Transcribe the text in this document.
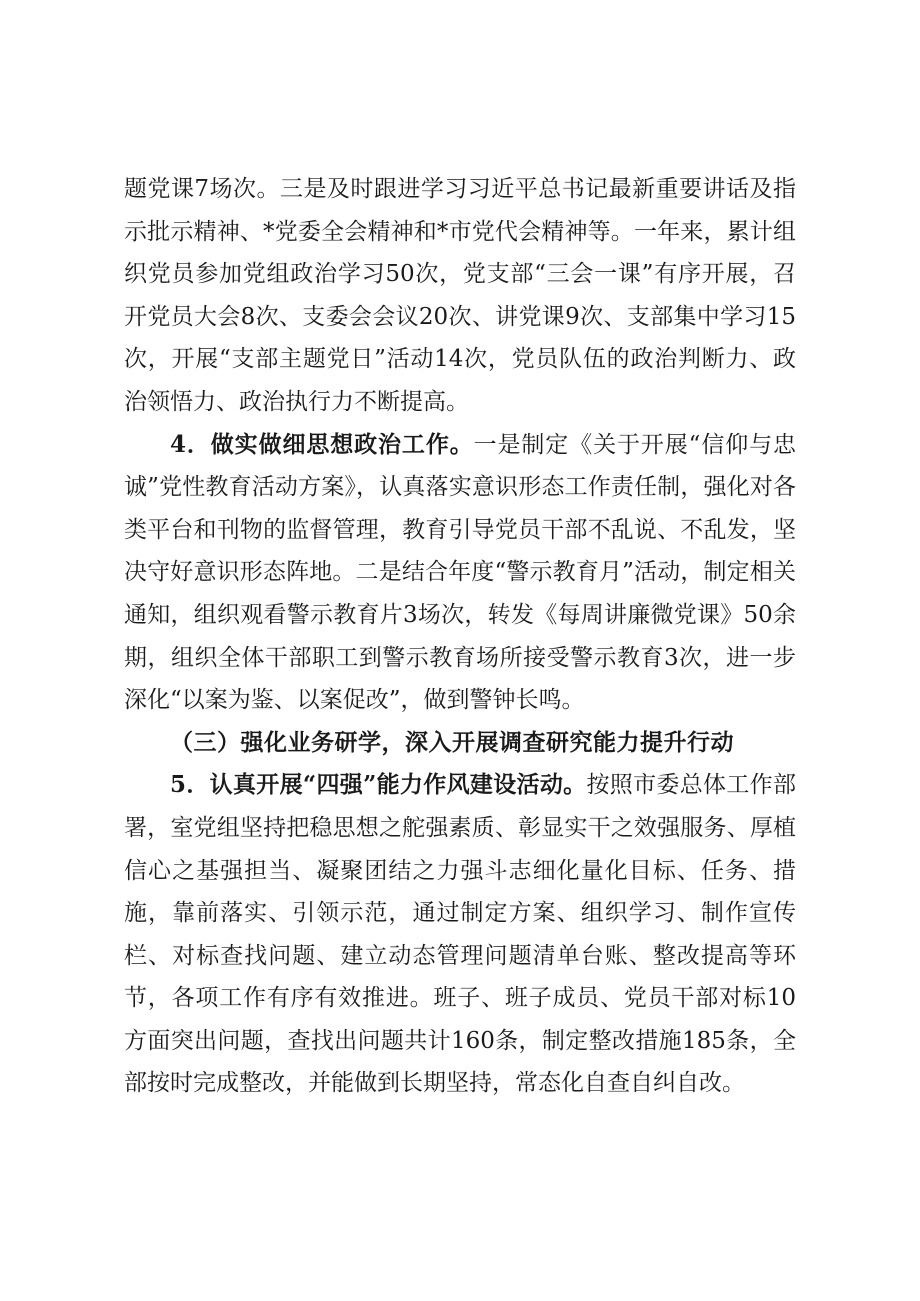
题党课7场次。三是及时跟进学习习近平总书记最新重要讲话及指示批示精神、*党委全会精神和*市党代会精神等。一年来，累计组织党员参加党组政治学习50次，党支部“三会一课”有序开展，召开党员大会8次、支委会会议20次、讲党课9次、支部集中学习15次，开展“支部主题党日”活动14次，党员队伍的政治判断力、政治领悟力、政治执行力不断提高。

4．做实做细思想政治工作。一是制定《关于开展“信仰与忠诚”党性教育活动方案》，认真落实意识形态工作责任制，强化对各类平台和刊物的监督管理，教育引导党员干部不乱说、不乱发，坚决守好意识形态阵地。二是结合年度“警示教育月”活动，制定相关通知，组织观看警示教育片3场次，转发《每周讲廉微党课》50余期，组织全体干部职工到警示教育场所接受警示教育3次，进一步深化“以案为鉴、以案促改”，做到警钟长鸣。

（三）强化业务研学，深入开展调查研究能力提升行动

5．认真开展“四强”能力作风建设活动。按照市委总体工作部署，室党组坚持把稳思想之舵强素质、彰显实干之效强服务、厚植信心之基强担当、凝聚团结之力强斗志细化量化目标、任务、措施，靠前落实、引领示范，通过制定方案、组织学习、制作宣传栏、对标查找问题、建立动态管理问题清单台账、整改提高等环节，各项工作有序有效推进。班子、班子成员、党员干部对标10方面突出问题，查找出问题共计160条，制定整改措施185条，全部按时完成整改，并能做到长期坚持，常态化自查自纠自改。
